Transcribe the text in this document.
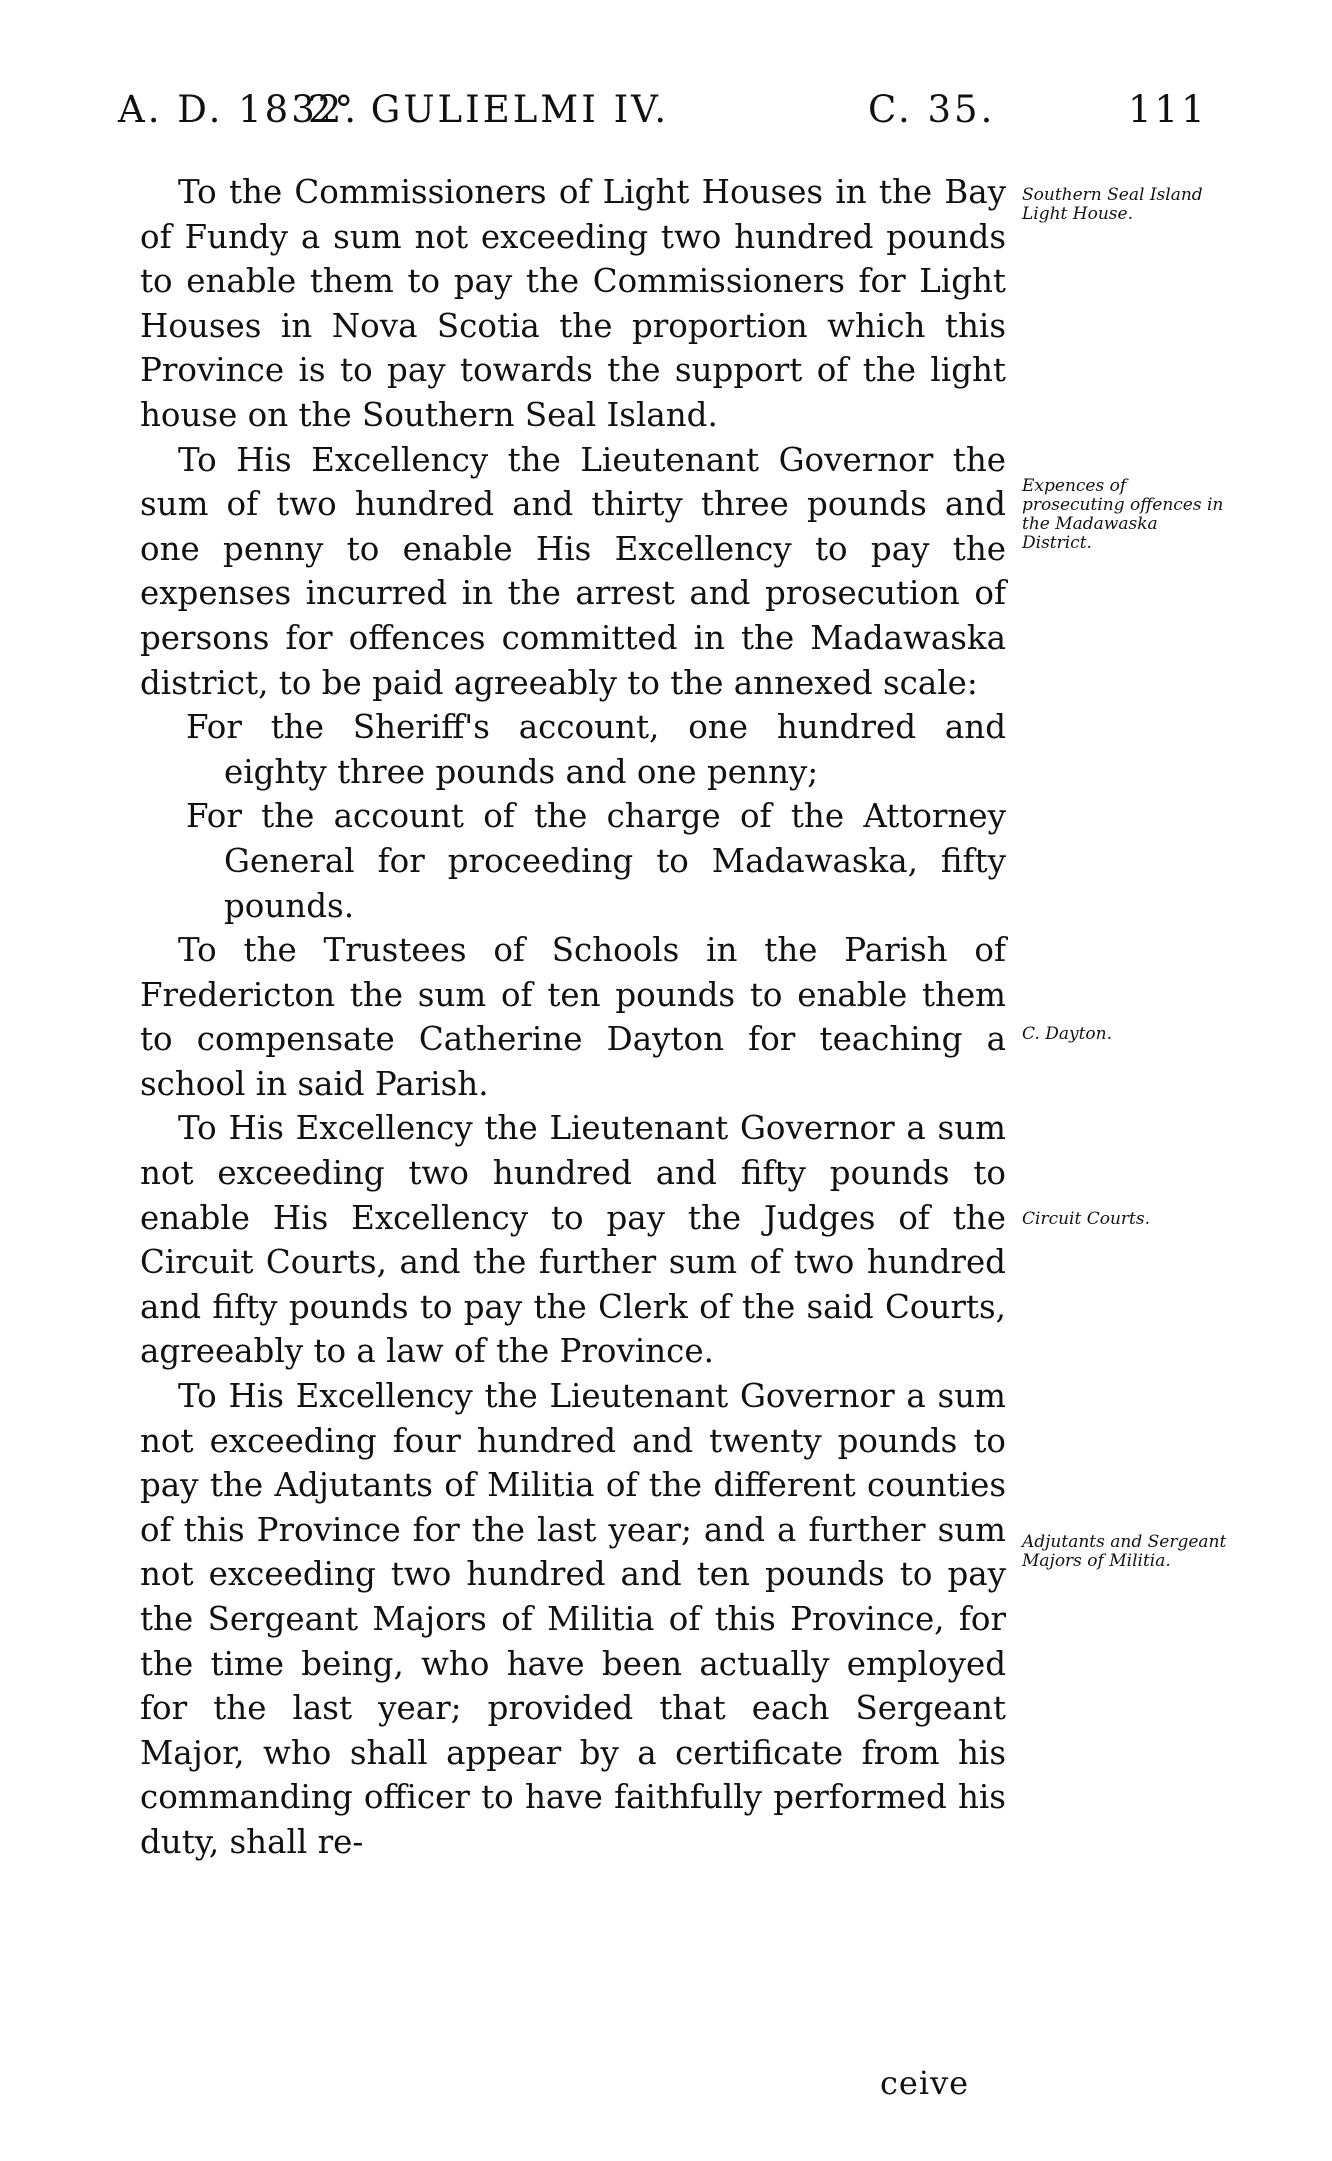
A. D. 1832.
2° GULIELMI IV.	C. 35.	111

To the Commissioners of Light Houses in the Bay of Fundy a sum not exceeding two hundred pounds to enable them to pay the Commissioners for Light Houses in Nova Scotia the proportion which this Province is to pay towards the support of the light house on the Southern Seal Island.

To His Excellency the Lieutenant Governor the sum of two hundred and thirty three pounds and one penny to enable His Excellency to pay the expenses incurred in the arrest and prosecution of persons for offences committed in the Madawaska district, to be paid agreeably to the annexed scale:

For the Sheriff's account, one hundred and eighty three pounds and one penny;

For the account of the charge of the Attorney General for proceeding to Madawaska, fifty pounds.

To the Trustees of Schools in the Parish of Fredericton the sum of ten pounds to enable them to compensate Catherine Dayton for teaching a school in said Parish.

To His Excellency the Lieutenant Governor a sum not exceeding two hundred and fifty pounds to enable His Excellency to pay the Judges of the Circuit Courts, and the further sum of two hundred and fifty pounds to pay the Clerk of the said Courts, agreeably to a law of the Province.

To His Excellency the Lieutenant Governor a sum not exceeding four hundred and twenty pounds to pay the Adjutants of Militia of the different counties of this Province for the last year; and a further sum not exceeding two hundred and ten pounds to pay the Sergeant Majors of Militia of this Province, for the time being, who have been actually employed for the last year; provided that each Sergeant Major, who shall appear by a certificate from his commanding officer to have faithfully performed his duty, shall re-

Southern Seal Island Light House.
Expences of prosecuting offences in the Madawaska District.
C. Dayton.
Circuit Courts.
Adjutants and Sergeant Majors of Militia.
ceive
